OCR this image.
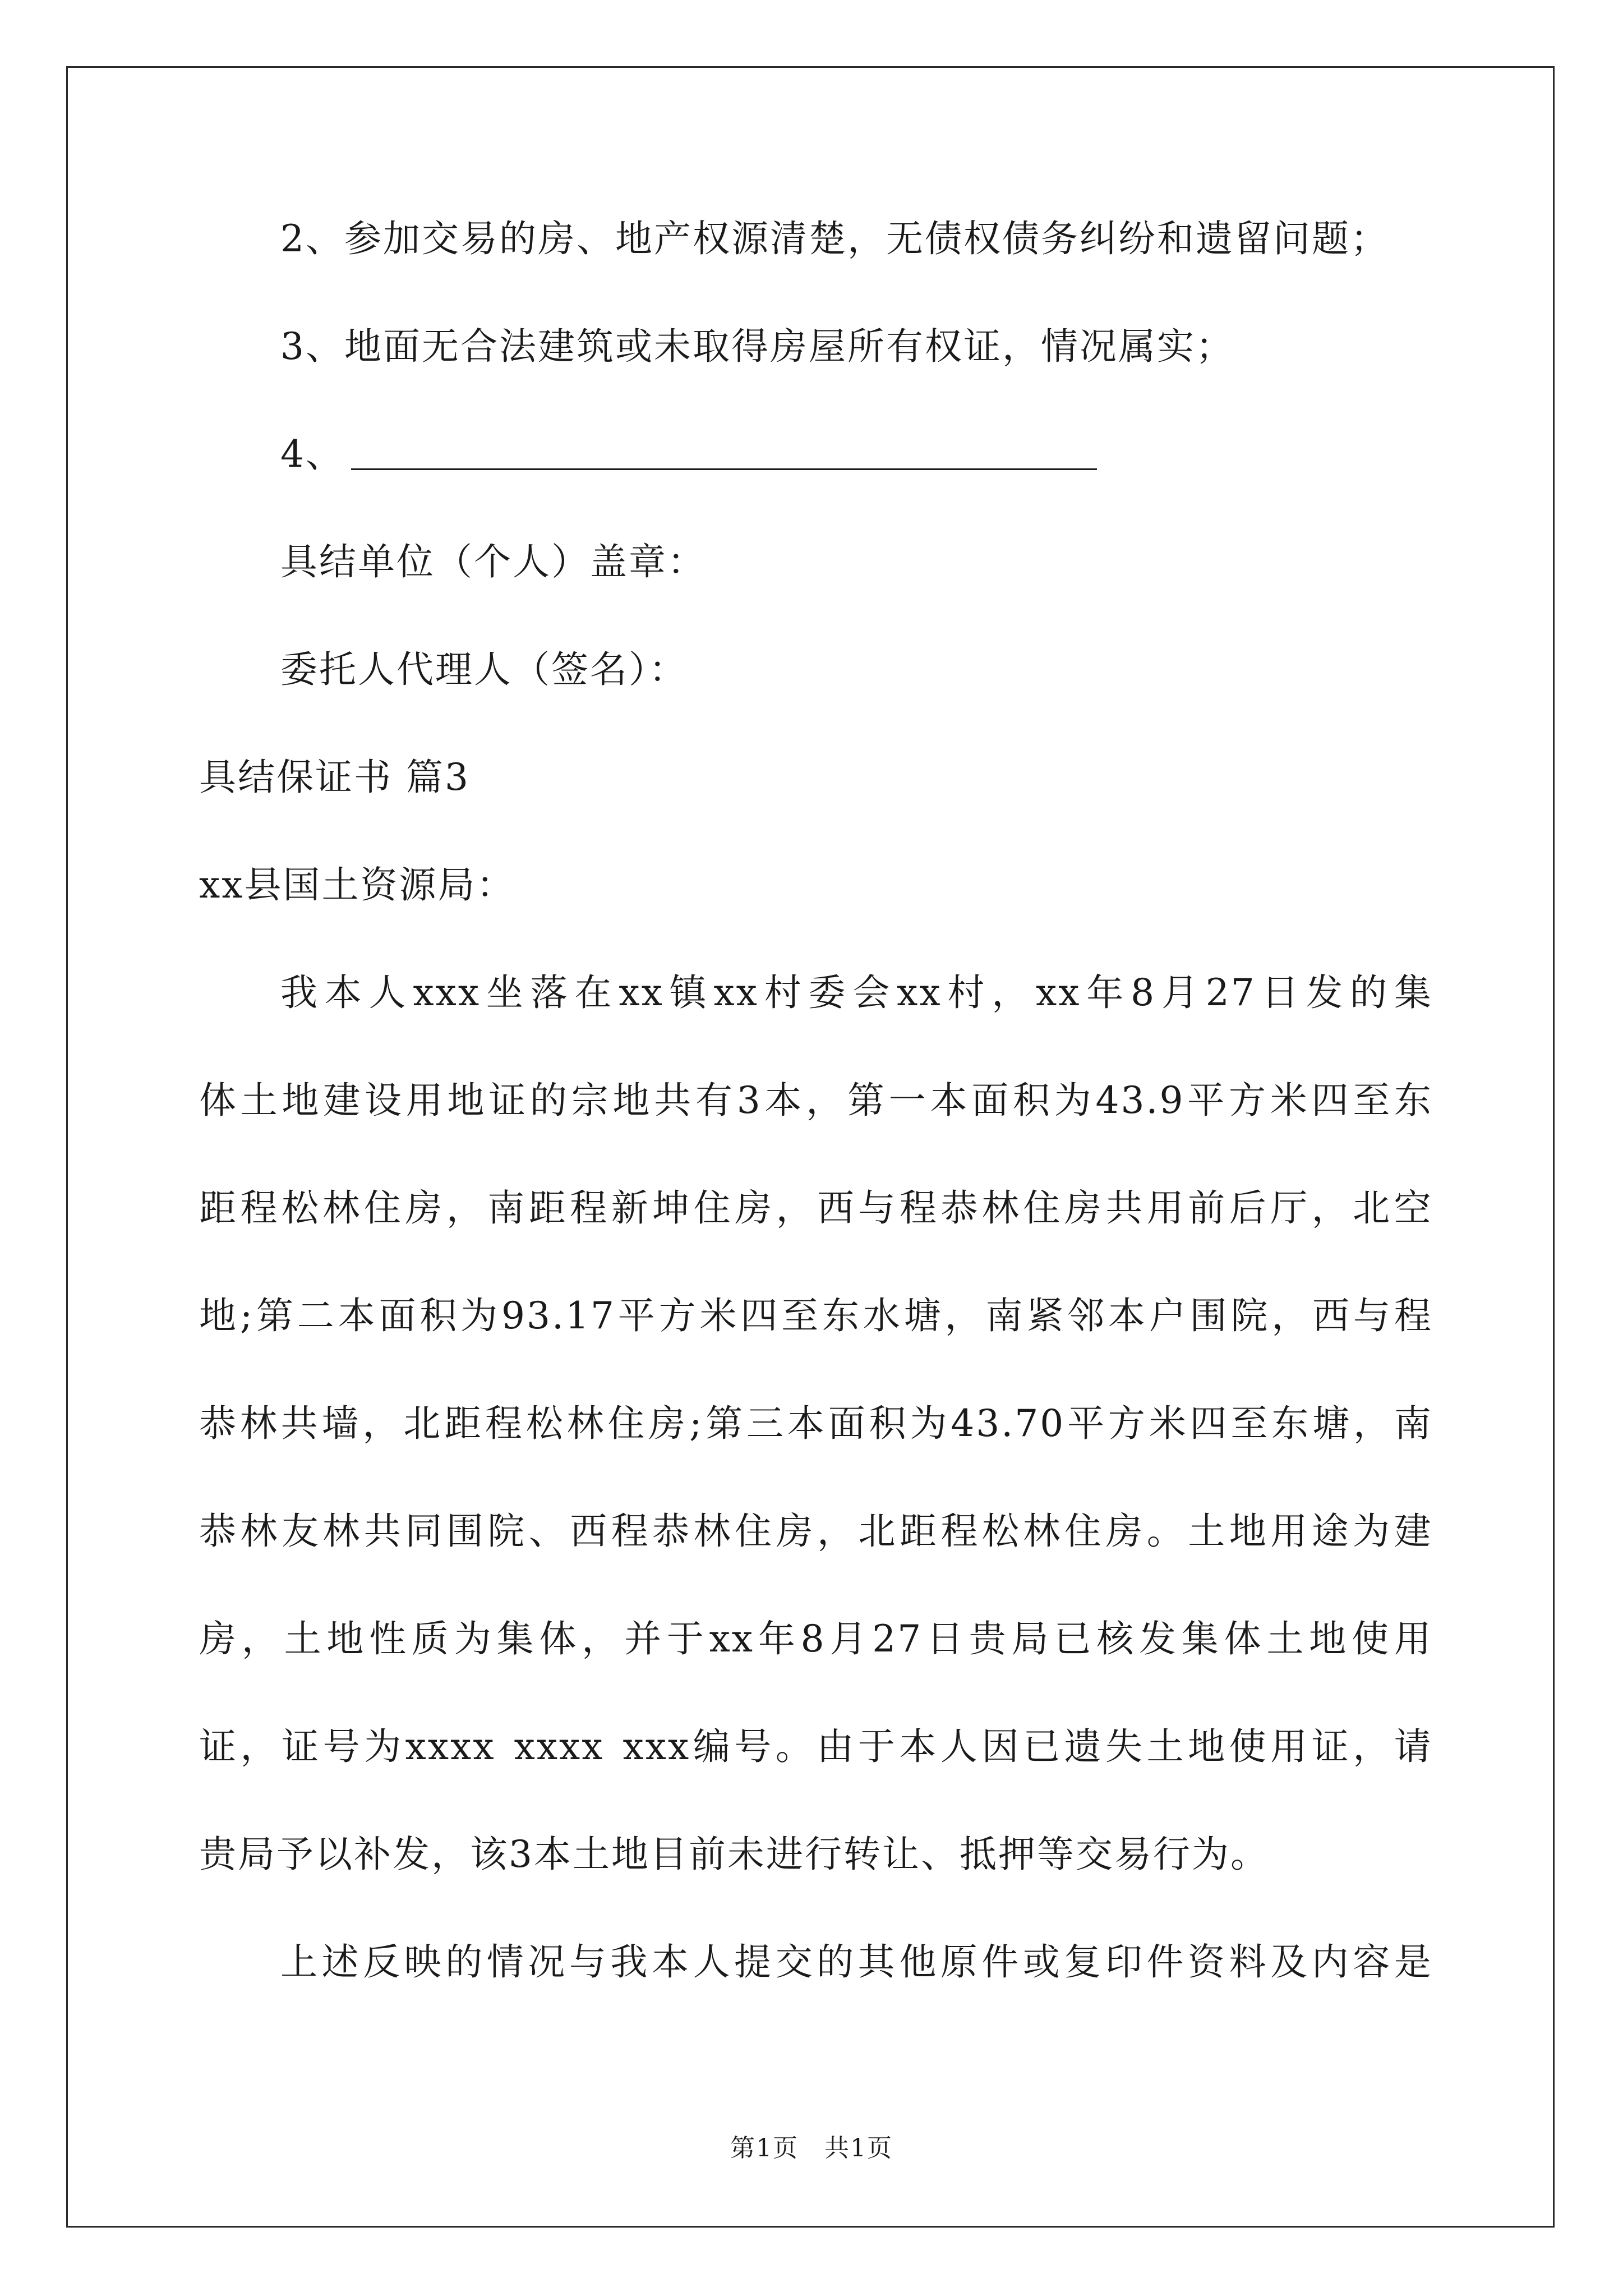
2、参加交易的房、地产权源清楚，无债权债务纠纷和遗留问题；
3、地面无合法建筑或未取得房屋所有权证，情况属实；
4、
具结单位（个人）盖章：
委托人代理人（签名）：
具结保证书 篇3
xx县国土资源局：
我 本 人 xxx 坐 落 在 xx 镇 xx 村 委 会 xx 村 ， xx 年 8 月 27 日 发 的 集
体 土 地 建 设 用 地 证 的 宗 地 共 有 3 本 ， 第 一 本 面 积 为 43.9 平 方 米 四 至 东
距 程 松 林 住 房 ， 南 距 程 新 坤 住 房 ， 西 与 程 恭 林 住 房 共 用 前 后 厅 ， 北 空
地 ; 第 二 本 面 积 为 93.17 平 方 米 四 至 东 水 塘 ， 南 紧 邻 本 户 围 院 ， 西 与 程
恭 林 共 墙 ， 北 距 程 松 林 住 房 ; 第 三 本 面 积 为 43.70 平 方 米 四 至 东 塘 ， 南
恭 林 友 林 共 同 围 院 、 西 程 恭 林 住 房 ， 北 距 程 松 林 住 房 。 土 地 用 途 为 建
房 ， 土 地 性 质 为 集 体 ， 并 于 xx 年 8 月 27 日 贵 局 已 核 发 集 体 土 地 使 用
证 ， 证 号 为 xxxx
xxxx
xxx 编 号 。 由 于 本 人 因 已 遗 失 土 地 使 用 证 ， 请
贵局予以补发，该3本土地目前未进行转让、抵押等交易行为。
上 述 反 映 的 情 况 与 我 本 人 提 交 的 其 他 原 件 或 复 印 件 资 料 及 内 容 是
第1页　共1页
